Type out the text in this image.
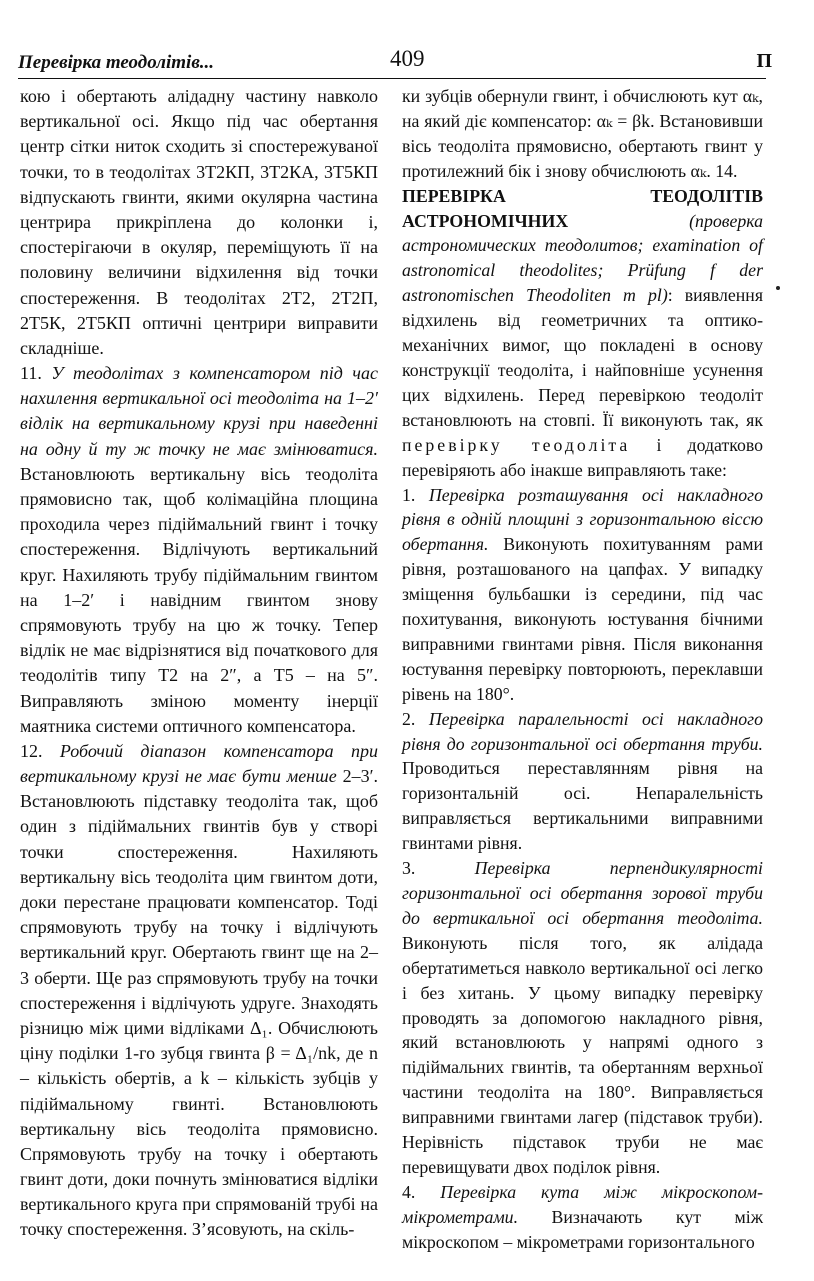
Перевірка теодолітів...	409	П

кою і обертають алідадну частину навколо вертикальної осі. Якщо під час обертання центр сітки ниток сходить зі спостережуваної точки, то в теодолітах 3Т2КП, 3Т2КА, 3Т5КП відпускають гвинти, якими окулярна частина центрира прикріплена до колонки і, спостерігаючи в окуляр, переміщують її на половину величини відхилення від точки спостереження. В теодолітах 2Т2, 2Т2П, 2Т5К, 2Т5КП оптичні центрири виправити складніше.

11. У теодолітах з компенсатором під час нахилення вертикальної осі теодоліта на 1–2′ відлік на вертикальному крузі при наведенні на одну й ту ж точку не має змінюватися. Встановлюють вертикальну вісь теодоліта прямовисно так, щоб колімаційна площина проходила через підіймальний гвинт і точку спостереження. Відлічують вертикальний круг. Нахиляють трубу підіймальним гвинтом на 1–2′ і навідним гвинтом знову спрямовують трубу на цю ж точку. Тепер відлік не має відрізнятися від початкового для теодолітів типу Т2 на 2″, а Т5 – на 5″. Виправляють зміною моменту інерції маятника системи оптичного компенсатора.

12. Робочий діапазон компенсатора при вертикальному крузі не має бути менше 2–3′. Встановлюють підставку теодоліта так, щоб один з підіймальних гвинтів був у створі точки спостереження. Нахиляють вертикальну вісь теодоліта цим гвинтом доти, доки перестане працювати компенсатор. Тоді спрямовують трубу на точку і відлічують вертикальний круг. Обертають гвинт ще на 2–3 оберти. Ще раз спрямовують трубу на точки спостереження і відлічують удруге. Знаходять різницю між цими відліками Δ₁. Обчислюють ціну поділки 1-го зубця гвинта β = Δ₁/nk, де n – кількість обертів, а k – кількість зубців у підіймальному гвинті. Встановлюють вертикальну вісь теодоліта прямовисно. Спрямовують трубу на точку і обертають гвинт доти, доки почнуть змінюватися відліки вертикального круга при спрямованій трубі на точку спостереження. З’ясовують, на скіль-

ки зубців обернули гвинт, і обчислюють кут αₖ, на який діє компенсатор: αₖ = βk. Встановивши вісь теодоліта прямовисно, обертають гвинт у протилежний бік і знову обчислюють αₖ. 14.

ПЕРЕВІРКА ТЕОДОЛІТІВ АСТРОНОМІЧНИХ (проверка астрономических теодолитов; examination of astronomical theodolites; Prüfung f der astronomischen Theodoliten m pl): виявлення відхилень від геометричних та оптико-механічних вимог, що покладені в основу конструкції теодоліта, і найповніше усунення цих відхилень. Перед перевіркою теодоліт встановлюють на стовпі. Її виконують так, як перевірку теодоліта і додатково перевіряють або інакше виправляють таке:

1. Перевірка розташування осі накладного рівня в одній площині з горизонтальною віссю обертання. Виконують похитуванням рами рівня, розташованого на цапфах. У випадку зміщення бульбашки із середини, під час похитування, виконують юстування бічними виправними гвинтами рівня. Після виконання юстування перевірку повторюють, переклавши рівень на 180°.

2. Перевірка паралельності осі накладного рівня до горизонтальної осі обертання труби. Проводиться переставлянням рівня на горизонтальній осі. Непаралельність виправляється вертикальними виправними гвинтами рівня.

3. Перевірка перпендикулярності горизонтальної осі обертання зорової труби до вертикальної осі обертання теодоліта. Виконують після того, як алідада обертатиметься навколо вертикальної осі легко і без хитань. У цьому випадку перевірку проводять за допомогою накладного рівня, який встановлюють у напрямі одного з підіймальних гвинтів, та обертанням верхньої частини теодоліта на 180°. Виправляється виправними гвинтами лагер (підставок труби). Нерівність підставок труби не має перевищувати двох поділок рівня.

4. Перевірка кута між мікроскопом-мікрометрами. Визначають кут між мікроскопом – мікрометрами горизонтального
